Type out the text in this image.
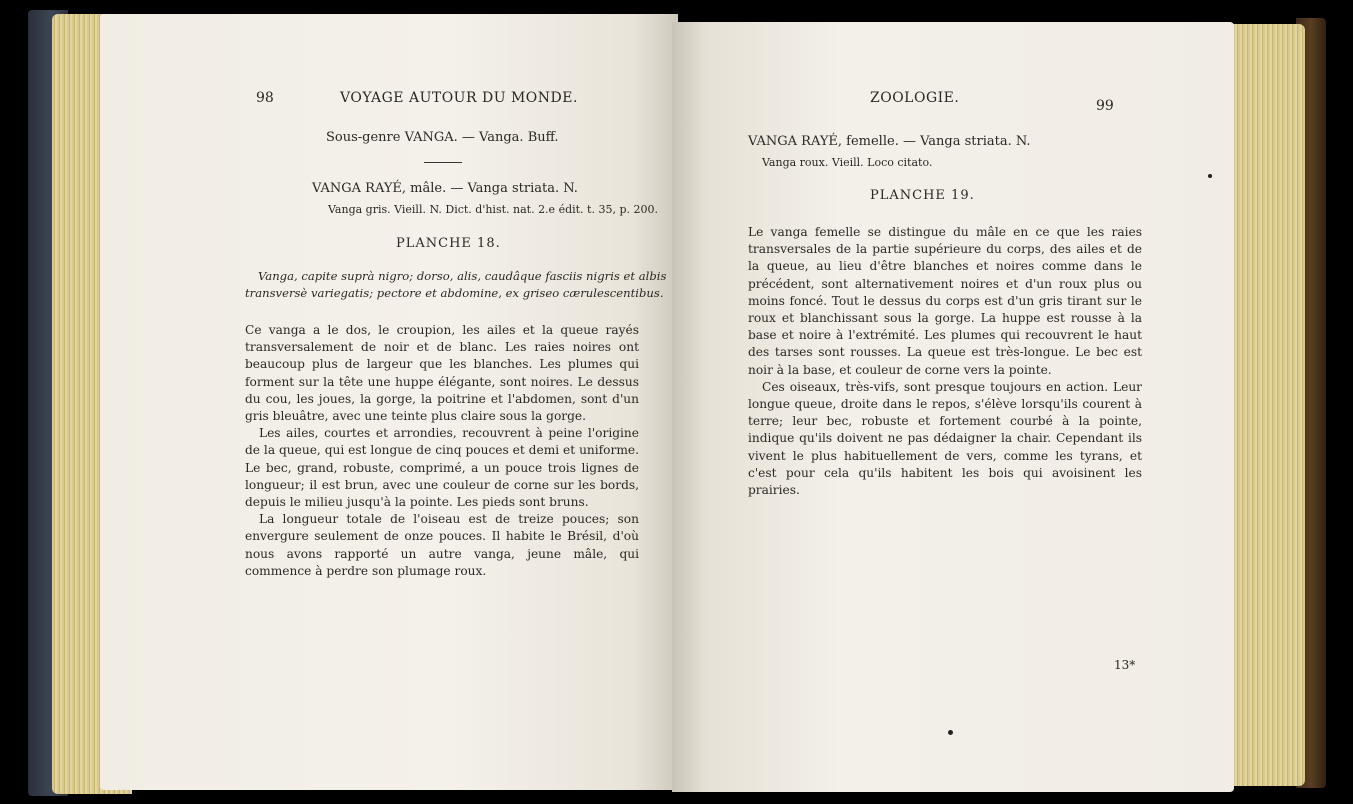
98	VOYAGE AUTOUR DU MONDE.
Sous-genre VANGA. — Vanga. Buff.
VANGA RAYÉ, mâle. — Vanga striata. N.
Vanga gris. Vieill. N. Dict. d'hist. nat. 2.e édit. t. 35, p. 200.
PLANCHE 18.
Vanga, capite suprà nigro; dorso, alis, caudâque fasciis nigris et albis
transversè variegatis; pectore et abdomine, ex griseo cærulescentibus.

Ce vanga a le dos, le croupion, les ailes et la queue rayés transversalement de noir et de blanc. Les raies noires ont beaucoup plus de largeur que les blanches. Les plumes qui forment sur la tête une huppe élégante, sont noires. Le dessus du cou, les joues, la gorge, la poitrine et l'abdomen, sont d'un gris bleuâtre, avec une teinte plus claire sous la gorge.

Les ailes, courtes et arrondies, recouvrent à peine l'origine de la queue, qui est longue de cinq pouces et demi et uniforme. Le bec, grand, robuste, comprimé, a un pouce trois lignes de longueur; il est brun, avec une couleur de corne sur les bords, depuis le milieu jusqu'à la pointe. Les pieds sont bruns.

La longueur totale de l'oiseau est de treize pouces; son envergure seulement de onze pouces. Il habite le Brésil, d'où nous avons rapporté un autre vanga, jeune mâle, qui commence à perdre son plumage roux.

ZOOLOGIE.	99
VANGA RAYÉ, femelle. — Vanga striata. N.
Vanga roux. Vieill. Loco citato.
PLANCHE 19.

Le vanga femelle se distingue du mâle en ce que les raies transversales de la partie supérieure du corps, des ailes et de la queue, au lieu d'être blanches et noires comme dans le précédent, sont alternativement noires et d'un roux plus ou moins foncé. Tout le dessus du corps est d'un gris tirant sur le roux et blanchissant sous la gorge. La huppe est rousse à la base et noire à l'extrémité. Les plumes qui recouvrent le haut des tarses sont rousses. La queue est très-longue. Le bec est noir à la base, et couleur de corne vers la pointe.

Ces oiseaux, très-vifs, sont presque toujours en action. Leur longue queue, droite dans le repos, s'élève lorsqu'ils courent à terre; leur bec, robuste et fortement courbé à la pointe, indique qu'ils doivent ne pas dédaigner la chair. Cependant ils vivent le plus habituellement de vers, comme les tyrans, et c'est pour cela qu'ils habitent les bois qui avoisinent les prairies.

13*
